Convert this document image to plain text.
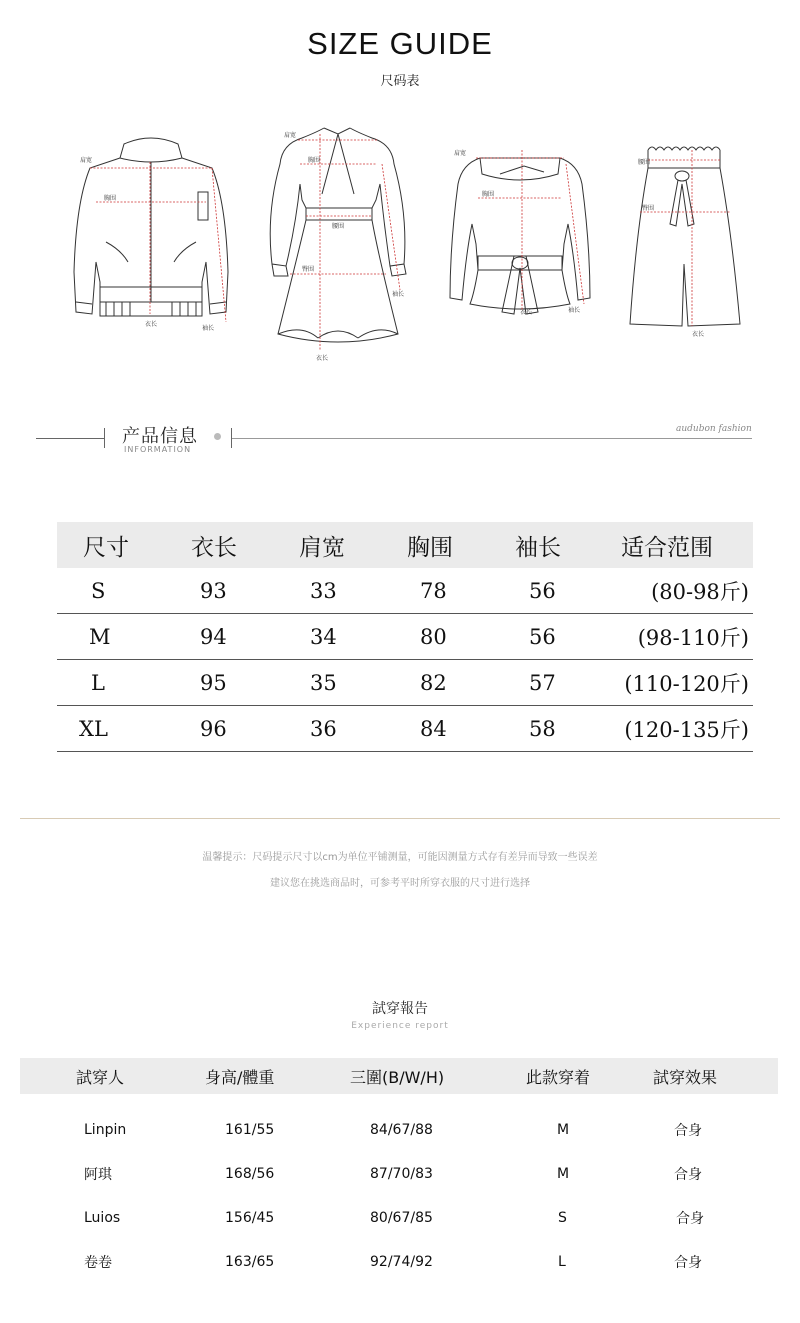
SIZE GUIDE
尺码表
肩宽
胸围
衣长
袖长
肩宽
胸围
腰围
臀围
衣长
袖长
肩宽
胸围
衣长	袖长
腰围
臀围
衣长
产品信息
INFORMATION
audubon fashion
尺寸	衣长	肩宽	胸围	袖长	适合范围
S	93	33	78	56	(80-98斤)
M	94	34	80	56	(98-110斤)
L	95	35	82	57	(110-120斤)
XL	96	36	84	58	(120-135斤)
温馨提示：尺码提示尺寸以cm为单位平铺测量，可能因测量方式存有差异而导致一些误差
建议您在挑选商品时，可参考平时所穿衣服的尺寸进行选择
試穿報告
Experience report
試穿人	身高/體重	三圍(B/W/H)	此款穿着	試穿效果
Linpin	161/55	84/67/88	M	合身
阿琪	168/56	87/70/83	M	合身
Luios	156/45	80/67/85	S	合身
卷卷	163/65	92/74/92	L	合身
